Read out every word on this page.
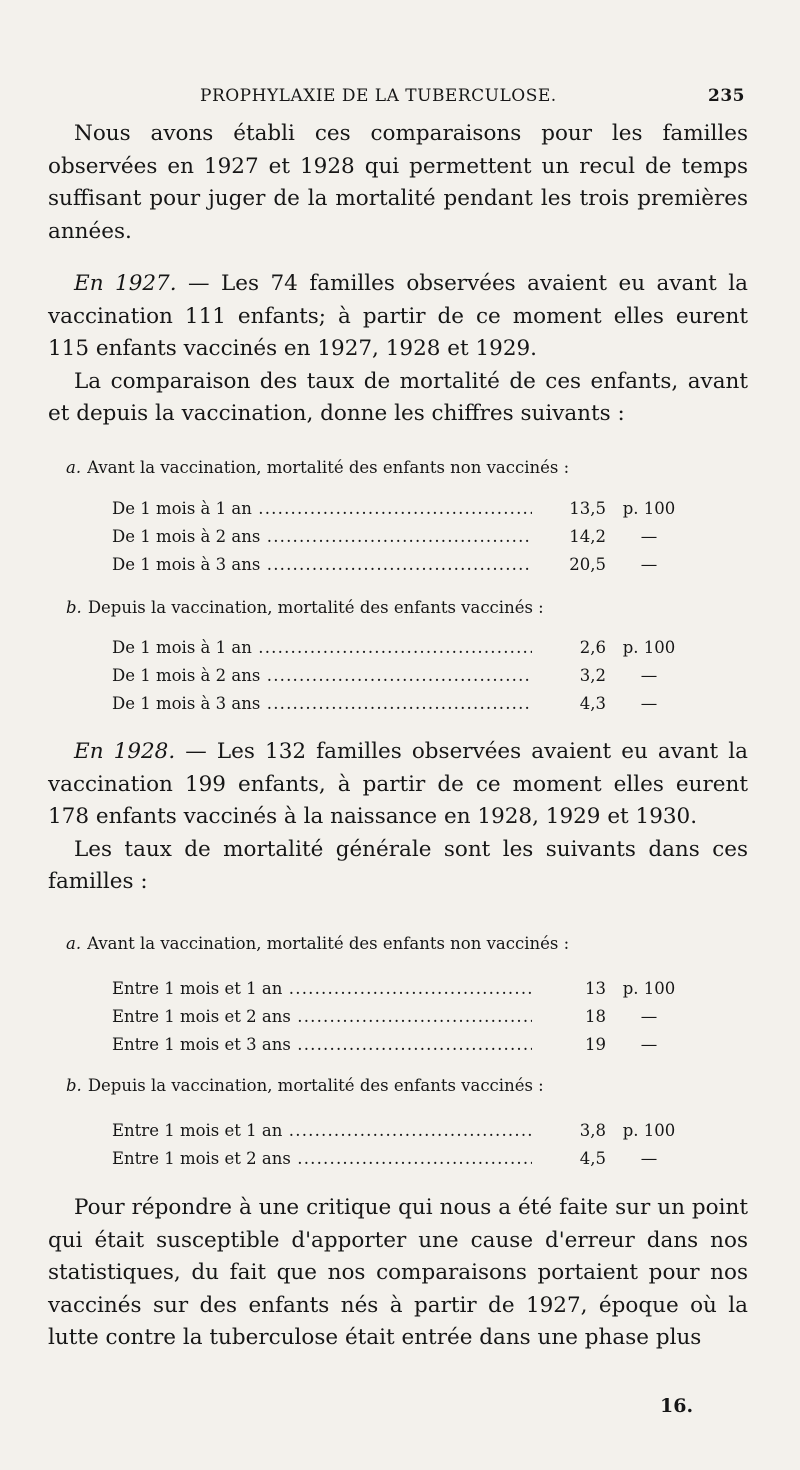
PROPHYLAXIE DE LA TUBERCULOSE.	235

Nous avons établi ces comparaisons pour les familles observées en 1927 et 1928 qui permettent un recul de temps suffisant pour juger de la mortalité pendant les trois premières années.

En 1927. — Les 74 familles observées avaient eu avant la vaccination 111 enfants; à partir de ce moment elles eurent 115 enfants vaccinés en 1927, 1928 et 1929.

La comparaison des taux de mortalité de ces enfants, avant et depuis la vaccination, donne les chiffres suivants :

a. Avant la vaccination, mortalité des enfants non vaccinés :
De 1 mois à 1 an .....	13,5	p. 100
De 1 mois à 2 ans .....	14,2	—
De 1 mois à 3 ans .....	20,5	—
b. Depuis la vaccination, mortalité des enfants vaccinés :
De 1 mois à 1 an .....	2,6	p. 100
De 1 mois à 2 ans .....	3,2	—
De 1 mois à 3 ans .....	4,3	—

En 1928. — Les 132 familles observées avaient eu avant la vaccination 199 enfants, à partir de ce moment elles eurent 178 enfants vaccinés à la naissance en 1928, 1929 et 1930.

Les taux de mortalité générale sont les suivants dans ces familles :

a. Avant la vaccination, mortalité des enfants non vaccinés :
Entre 1 mois et 1 an .....	13	p. 100
Entre 1 mois et 2 ans .....	18	—
Entre 1 mois et 3 ans .....	19	—
b. Depuis la vaccination, mortalité des enfants vaccinés :
Entre 1 mois et 1 an .....	3,8	p. 100
Entre 1 mois et 2 ans .....	4,5	—

Pour répondre à une critique qui nous a été faite sur un point qui était susceptible d'apporter une cause d'erreur dans nos statistiques, du fait que nos comparaisons portaient pour nos vaccinés sur des enfants nés à partir de 1927, époque où la lutte contre la tuberculose était entrée dans une phase plus

16.
